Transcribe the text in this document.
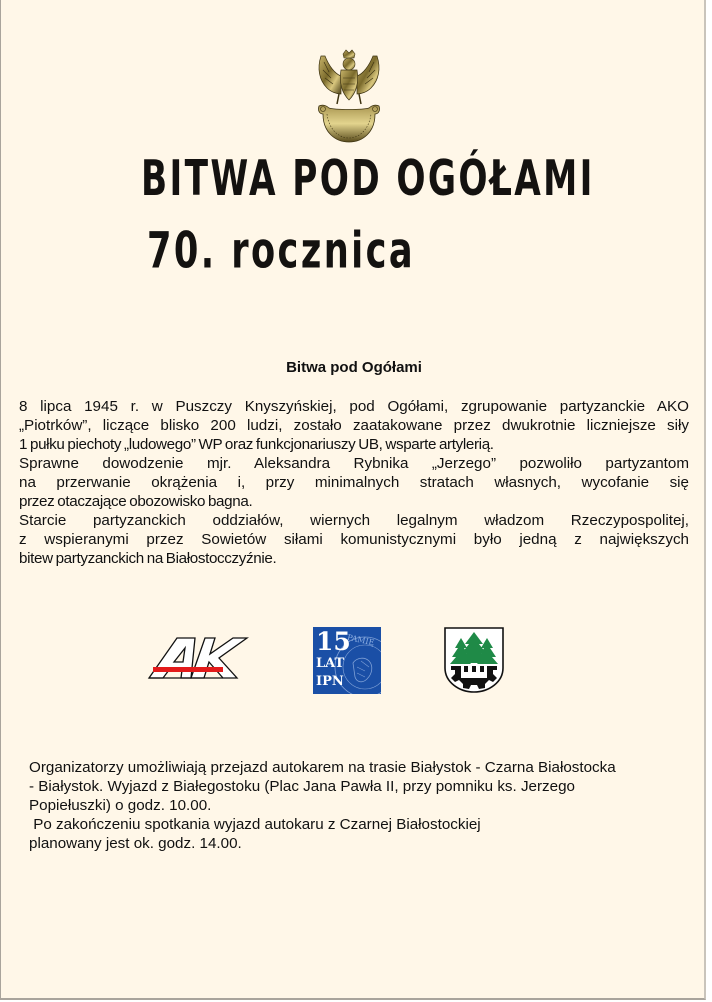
BITWA POD OGÓŁAMI
70. rocznica
Bitwa pod Ogółami

8 lipca 1945 r. w Puszczy Knyszyńskiej, pod Ogółami, zgrupowanie partyzanckie AKO

„Piotrków”, liczące blisko 200 ludzi, zostało zaatakowane przez dwukrotnie liczniejsze siły

1 pułku piechoty „ludowego” WP oraz funkcjonariuszy UB, wsparte artylerią.

Sprawne dowodzenie mjr. Aleksandra Rybnika „Jerzego” pozwoliło partyzantom

na przerwanie okrążenia i, przy minimalnych stratach własnych, wycofanie się

przez otaczające obozowisko bagna.

Starcie partyzanckich oddziałów, wiernych legalnym władzom Rzeczypospolitej,

z wspieranymi przez Sowietów siłami komunistycznymi było jedną z największych

bitew partyzanckich na Białostocczyźnie.

PAMIĘ
15
LAT
IPN

Organizatorzy umożliwiają przejazd autokarem na trasie Białystok - Czarna Białostocka

- Białystok. Wyjazd z Białegostoku (Plac Jana Pawła II, przy pomniku ks. Jerzego

Popiełuszki) o godz. 10.00.

Po zakończeniu spotkania wyjazd autokaru z Czarnej Białostockiej

planowany jest ok. godz. 14.00.
